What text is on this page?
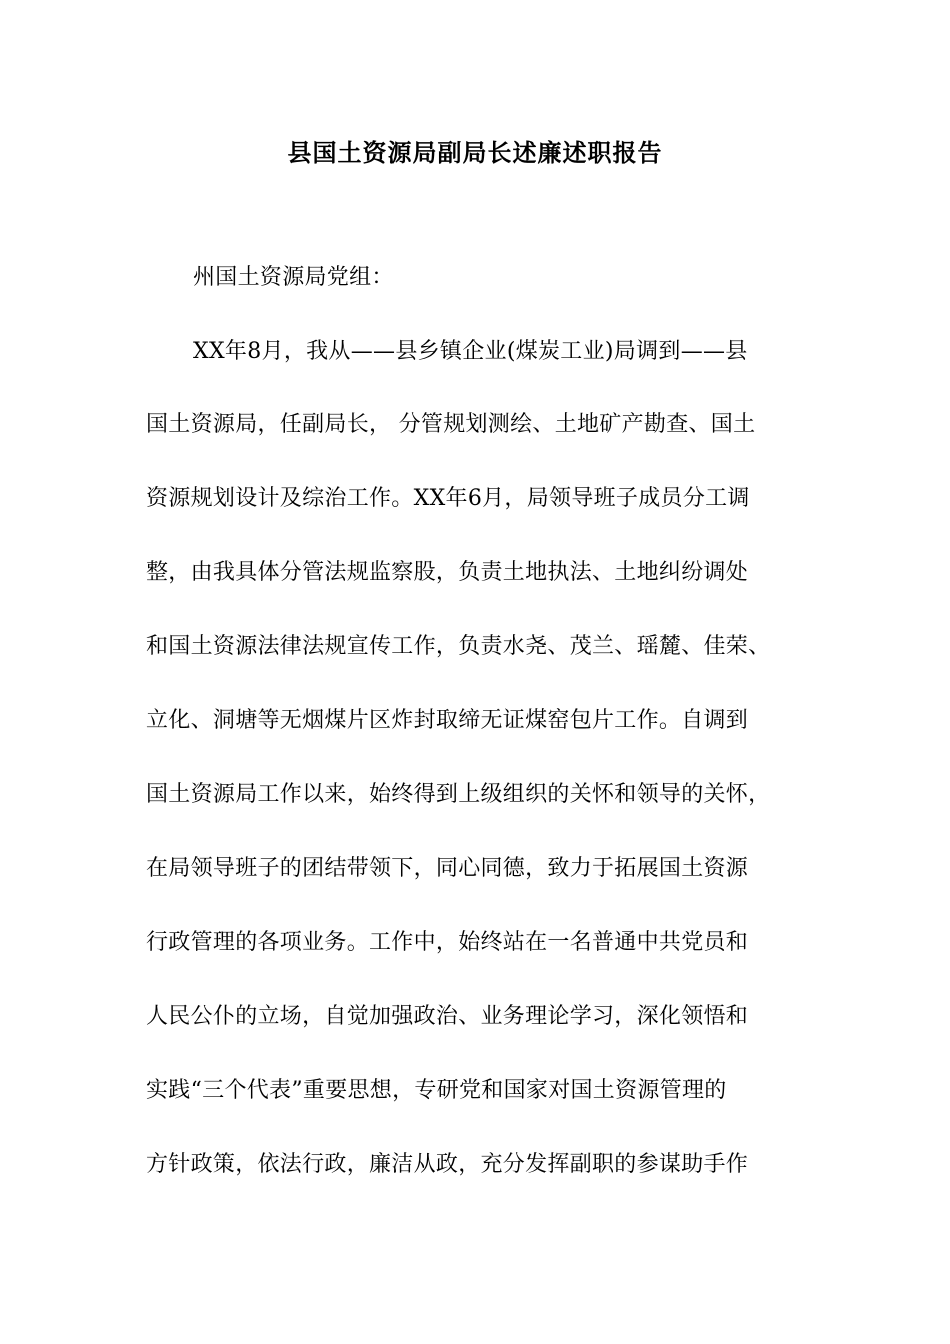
县国土资源局副局长述廉述职报告
州国土资源局党组：
XX年8月，我从——县乡镇企业(煤炭工业)局调到——县
国土资源局，任副局长， 分管规划测绘、土地矿产勘查、国土
资源规划设计及综治工作。XX年6月，局领导班子成员分工调
整，由我具体分管法规监察股，负责土地执法、土地纠纷调处
和国土资源法律法规宣传工作，负责水尧、茂兰、瑶麓、佳荣、
立化、洞塘等无烟煤片区炸封取缔无证煤窑包片工作。自调到
国土资源局工作以来，始终得到上级组织的关怀和领导的关怀，
在局领导班子的团结带领下，同心同德，致力于拓展国土资源
行政管理的各项业务。工作中，始终站在一名普通中共党员和
人民公仆的立场，自觉加强政治、业务理论学习，深化领悟和
实践“三个代表”重要思想，专研党和国家对国土资源管理的
方针政策，依法行政，廉洁从政，充分发挥副职的参谋助手作
